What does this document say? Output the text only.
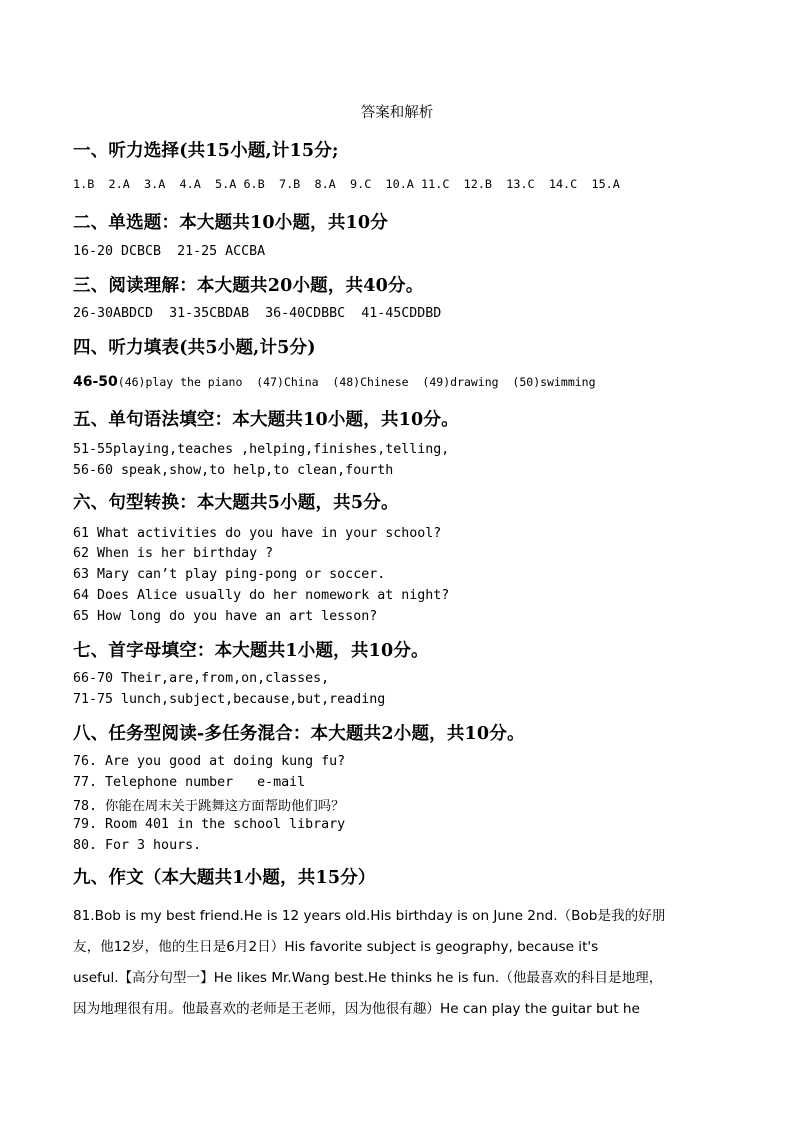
答案和解析
一、听力选择(共15小题,计15分;
1.B  2.A  3.A  4.A  5.A 6.B  7.B  8.A  9.C  10.A 11.C  12.B  13.C  14.C  15.A
二、单选题：本大题共10小题，共10分
16-20 DCBCB  21-25 ACCBA
三、阅读理解：本大题共20小题，共40分。
26-30ABDCD  31-35CBDAB  36-40CDBBC  41-45CDDBD
四、听力填表(共5小题,计5分)
46-50(46)play the piano  (47)China  (48)Chinese  (49)drawing  (50)swimming
五、单句语法填空：本大题共10小题，共10分。
51-55playing,teaches ,helping,finishes,telling,
56-60 speak,show,to help,to clean,fourth
六、句型转换：本大题共5小题，共5分。
61 What activities do you have in your school?
62 When is her birthday ?
63 Mary can’t play ping-pong or soccer.
64 Does Alice usually do her nomework at night?
65 How long do you have an art lesson?
七、首字母填空：本大题共1小题，共10分。
66-70 Their,are,from,on,classes,
71-75 lunch,subject,because,but,reading
八、任务型阅读-多任务混合：本大题共2小题，共10分。
76. Are you good at doing kung fu?
77. Telephone number   e-mail
78. 你能在周末关于跳舞这方面帮助他们吗？
79. Room 401 in the school library
80. For 3 hours.
九、作文（本大题共1小题，共15分）
81.Bob is my best friend.He is 12 years old.His birthday is on June 2nd.（Bob是我的好朋
友，他12岁，他的生日是6月2日）His favorite subject is geography, because it's
useful.【高分句型一】He likes Mr.Wang best.He thinks he is fun.（他最喜欢的科目是地理，
因为地理很有用。他最喜欢的老师是王老师，因为他很有趣）He can play the guitar but he
